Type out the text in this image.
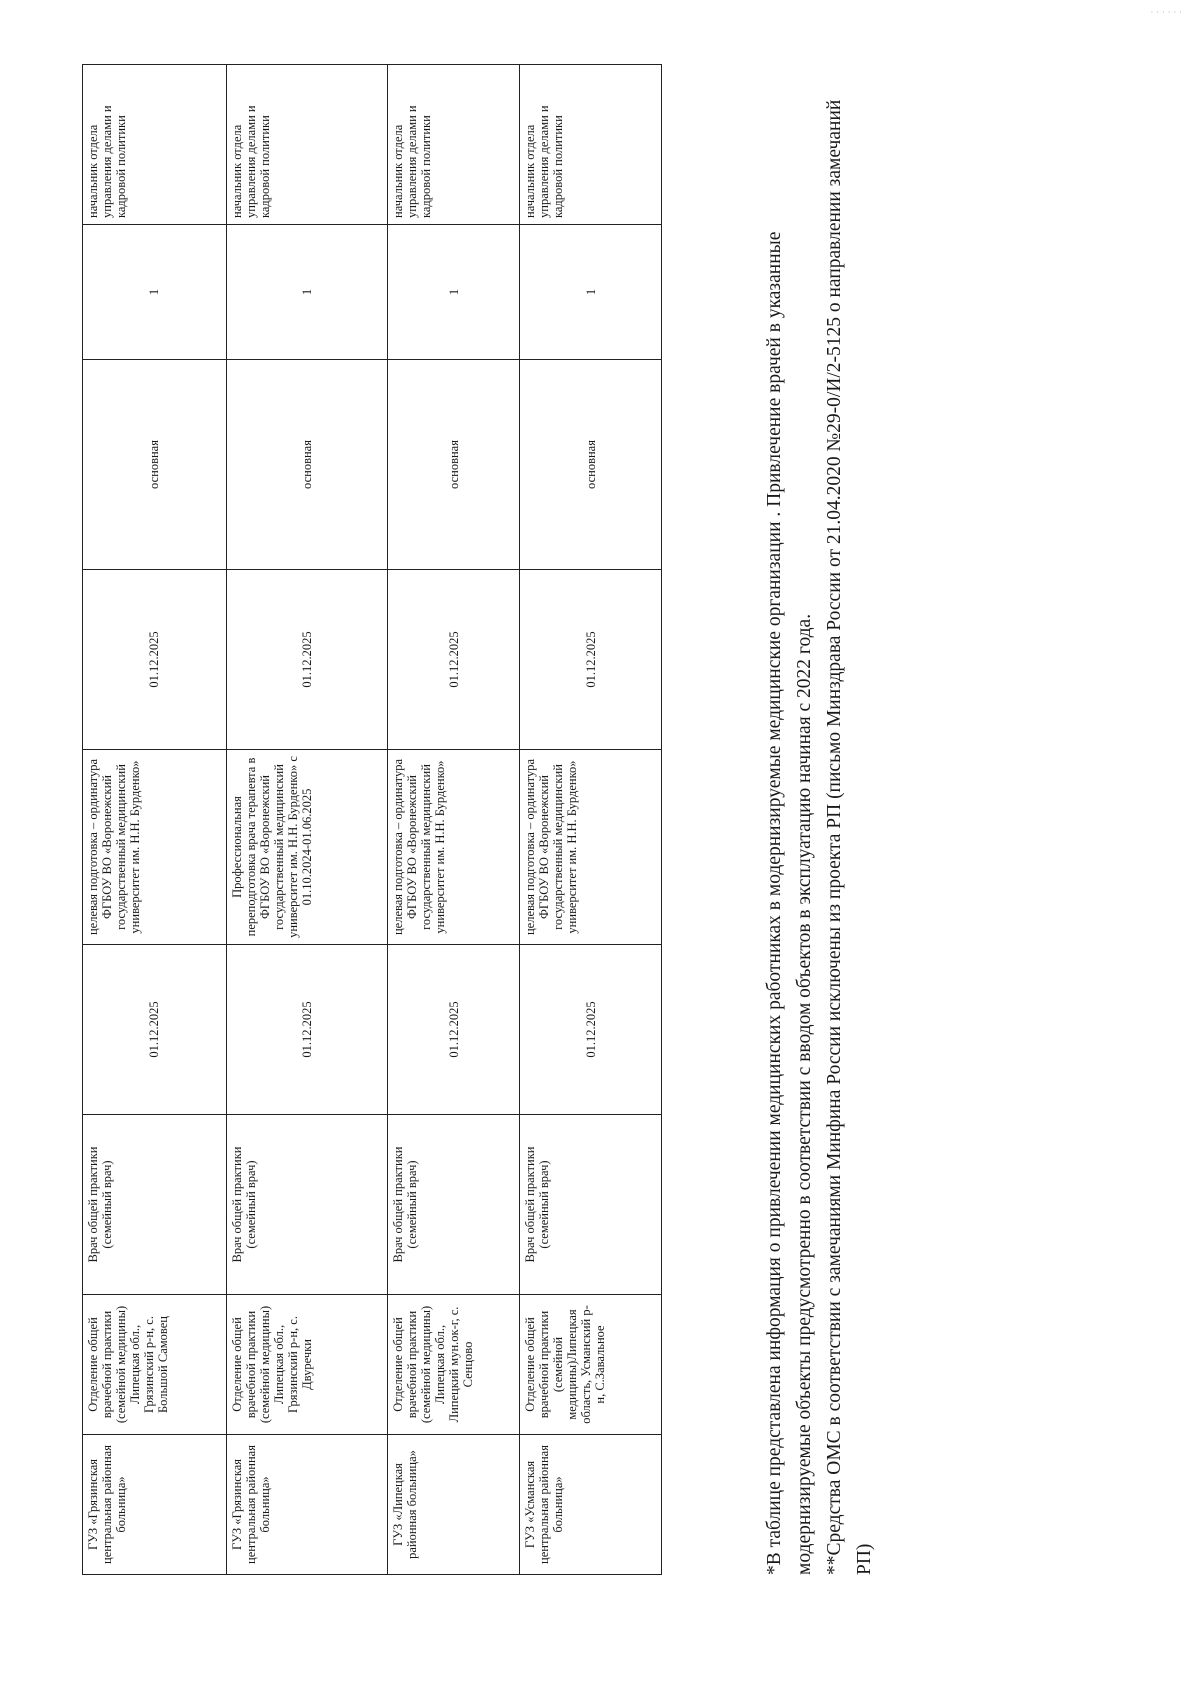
· · · · · ·
ГУЗ «Грязинская центральная районная больница»	Отделение общей врачебной практики (семейной медицины) Липецкая обл., Грязинский р-н, с. Большой Самовец	Врач общей практики (семейный врач)	01.12.2025	целевая подготовка – ординатура ФГБОУ ВО «Воронежский государственный медицинский университет им. Н.Н. Бурденко»	01.12.2025	основная	1	начальник отдела управления делами и кадровой политики
ГУЗ «Грязинская центральная районная больница»	Отделение общей врачебной практики (семейной медицины) Липецкая обл., Грязинский р-н, с. Двуречки	Врач общей практики (семейный врач)	01.12.2025	Профессиональная переподготовка врача терапевта в ФГБОУ ВО «Воронежский государственный медицинский университет им. Н.Н. Бурденко» с 01.10.2024-01.06.2025	01.12.2025	основная	1	начальник отдела управления делами и кадровой политики
ГУЗ «Липецкая районная больница»	Отделение общей врачебной практики (семейной медицины) Липецкая обл., Липецкий мун.ок-г, с. Сенцово	Врач общей практики (семейный врач)	01.12.2025	целевая подготовка – ординатура ФГБОУ ВО «Воронежский государственный медицинский университет им. Н.Н. Бурденко»	01.12.2025	основная	1	начальник отдела управления делами и кадровой политики
ГУЗ «Усманская центральная районная больница»	Отделение общей врачебной практики (семейной медицины)Липецкая область, Усманский р-н, С.Завальное	Врач общей практики (семейный врач)	01.12.2025	целевая подготовка – ординатура ФГБОУ ВО «Воронежский государственный медицинский университет им. Н.Н. Бурденко»	01.12.2025	основная	1	начальник отдела управления делами и кадровой политики

*В таблице представлена информация о привлечении медицинских работниках в модернизируемые медицинские организации . Привлечение врачей в указанные модернизируемые объекты предусмотренно в соответствии с вводом объектов в эксплуатацию начиная с 2022 года. **Средства ОМС в соответствии с замечаниями Минфина России исключены из проекта РП (письмо Минздрава России от 21.04.2020 №29-0/И/2-5125 о направлении замечаний РП)
